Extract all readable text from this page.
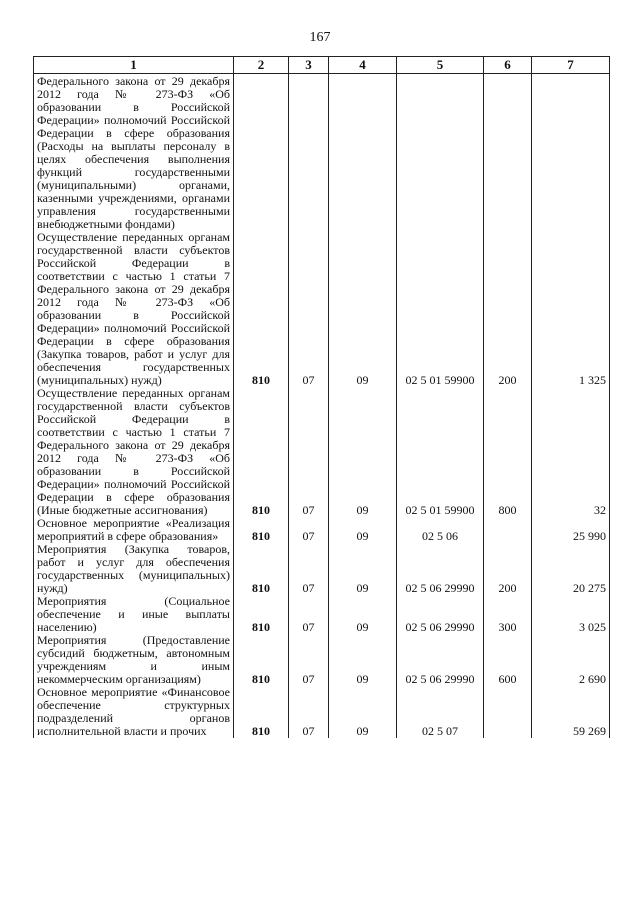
167
1	2	3	4	5	6	7
Федерального закона от 29 декабря 2012 года № 273-ФЗ «Об образовании в Российской Федерации» полномочий Российской Федерации в сфере образования (Расходы на выплаты персоналу в целях обеспечения выполнения функций государственными (муниципальными) органами, казенными учреждениями, органами управления государственными внебюджетными фондами)						
Осуществление переданных органам государственной власти субъектов Российской Федерации в соответствии с частью 1 статьи 7 Федерального закона от 29 декабря 2012 года № 273-ФЗ «Об образовании в Российской Федерации» полномочий Российской Федерации в сфере образования (Закупка товаров, работ и услуг для обеспечения государственных (муниципальных) нужд)	810	07	09	02 5 01 59900	200	1 325
Осуществление переданных органам государственной власти субъектов Российской Федерации в соответствии с частью 1 статьи 7 Федерального закона от 29 декабря 2012 года № 273-ФЗ «Об образовании в Российской Федерации» полномочий Российской Федерации в сфере образования (Иные бюджетные ассигнования)	810	07	09	02 5 01 59900	800	32
Основное мероприятие «Реализация мероприятий в сфере образования»	810	07	09	02 5 06		25 990
Мероприятия (Закупка товаров, работ и услуг для обеспечения государственных (муниципальных) нужд)	810	07	09	02 5 06 29990	200	20 275
Мероприятия (Социальное обеспечение и иные выплаты населению)	810	07	09	02 5 06 29990	300	3 025
Мероприятия (Предоставление субсидий бюджетным, автономным учреждениям и иным некоммерческим организациям)	810	07	09	02 5 06 29990	600	2 690
Основное мероприятие «Финансовое обеспечение структурных подразделений органов исполнительной власти и прочих	810	07	09	02 5 07		59 269
